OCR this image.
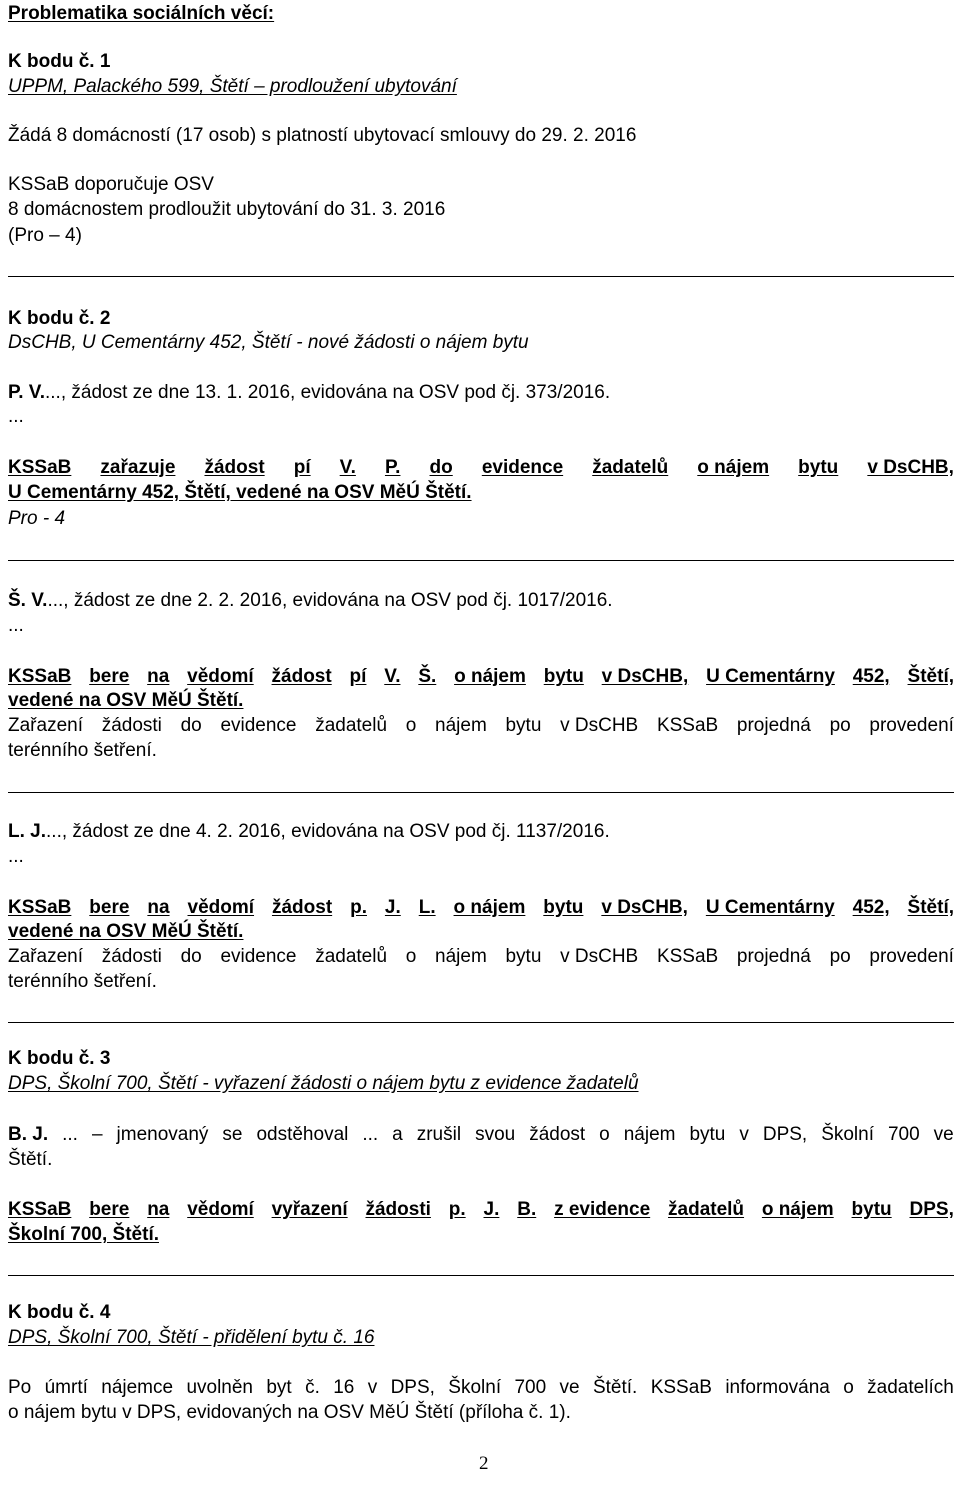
Problematika sociálních věcí:
K bodu č. 1
UPPM, Palackého 599, Štětí – prodloužení ubytování
Žádá 8 domácností (17 osob) s platností ubytovací smlouvy do 29. 2. 2016
KSSaB doporučuje OSV
8 domácnostem prodloužit ubytování do 31. 3. 2016
(Pro – 4)
K bodu č. 2
DsCHB, U Cementárny 452, Štětí - nové žádosti o nájem bytu
P. V...., žádost ze dne 13. 1. 2016, evidována na OSV pod čj. 373/2016.
...
KSSaB zařazuje žádost pí V. P. do evidence žadatelů o nájem bytu v DsCHB,
U Cementárny 452, Štětí, vedené na OSV MěÚ Štětí.
Pro - 4
Š. V...., žádost ze dne 2. 2. 2016, evidována na OSV pod čj. 1017/2016.
...
KSSaB bere na vědomí žádost pí V. Š. o nájem bytu v DsCHB, U Cementárny 452, Štětí,
vedené na OSV MěÚ Štětí.
Zařazení žádosti do evidence žadatelů o nájem bytu v DsCHB KSSaB projedná po provedení
terénního šetření.
L. J...., žádost ze dne 4. 2. 2016, evidována na OSV pod čj. 1137/2016.
...
KSSaB bere na vědomí žádost p. J. L. o nájem bytu v DsCHB, U Cementárny 452, Štětí,
vedené na OSV MěÚ Štětí.
Zařazení žádosti do evidence žadatelů o nájem bytu v DsCHB KSSaB projedná po provedení
terénního šetření.
K bodu č. 3
DPS, Školní 700, Štětí - vyřazení žádosti o nájem bytu z evidence žadatelů
B. J. ... – jmenovaný se odstěhoval ... a zrušil svou žádost o nájem bytu v DPS, Školní 700 ve
Štětí.
KSSaB bere na vědomí vyřazení žádosti p. J. B. z evidence žadatelů o nájem bytu DPS,
Školní 700, Štětí.
K bodu č. 4
DPS, Školní 700, Štětí - přidělení bytu č. 16
Po úmrtí nájemce uvolněn byt č. 16 v DPS, Školní 700 ve Štětí. KSSaB informována o žadatelích
o nájem bytu v DPS, evidovaných na OSV MěÚ Štětí (příloha č. 1).
2
